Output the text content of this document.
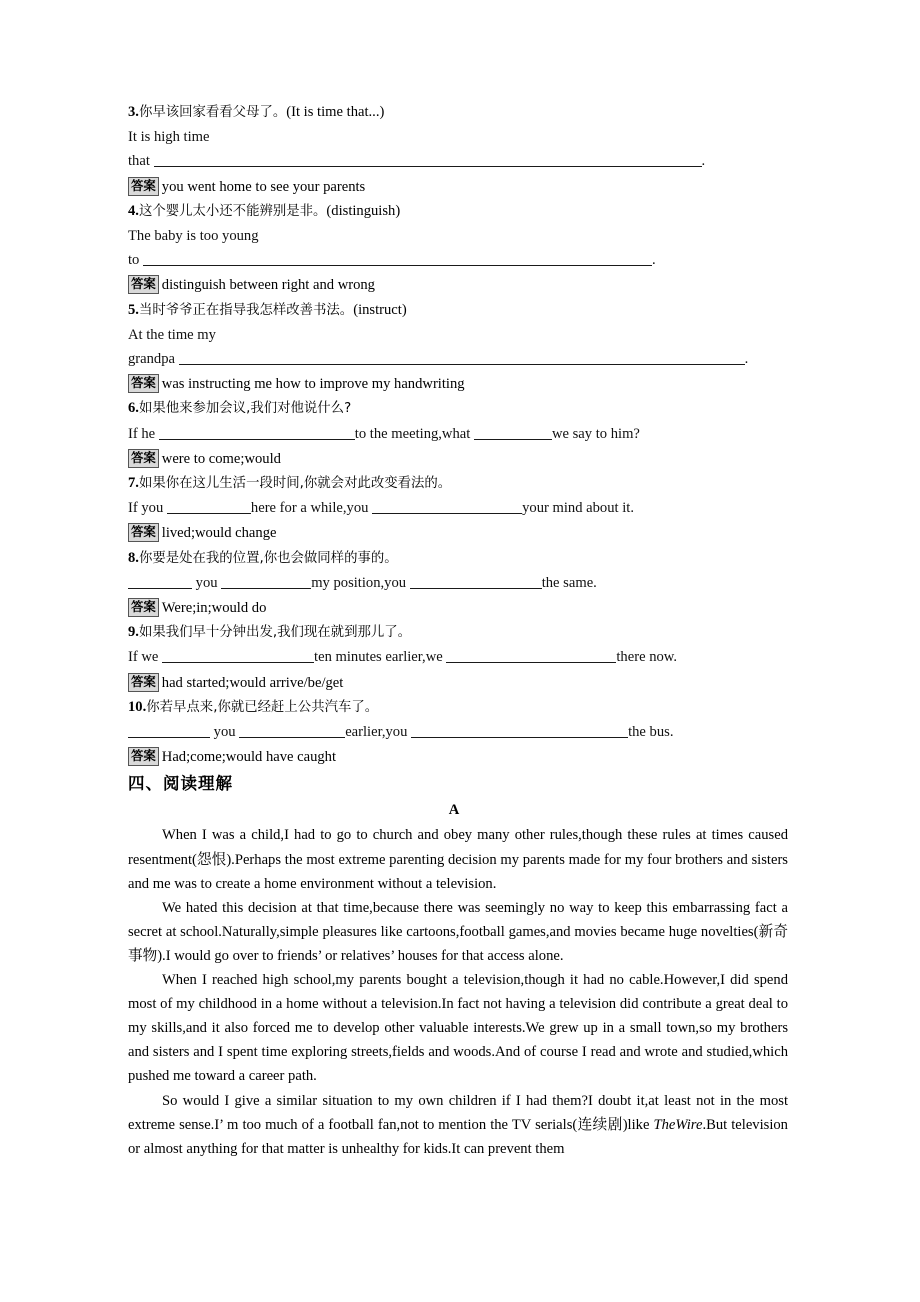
3.你早该回家看看父母了。(It is time that...)
It is high time
that	.
答案 you went home to see your parents
4.这个婴儿太小还不能辨别是非。(distinguish)
The baby is too young
to	.
答案 distinguish between right and wrong
5.当时爷爷正在指导我怎样改善书法。(instruct)
At the time my
grandpa	.
答案 was instructing me how to improve my handwriting
6.如果他来参加会议,我们对他说什么?
If he	to the meeting,what	we say to him?
答案 were to come;would
7.如果你在这儿生活一段时间,你就会对此改变看法的。
If you	here for a while,you	your mind about it.
答案 lived;would change
8.你要是处在我的位置,你也会做同样的事的。
you	my position,you	the same.
答案 Were;in;would do
9.如果我们早十分钟出发,我们现在就到那儿了。
If we	ten minutes earlier,we	there now.
答案 had started;would arrive/be/get
10.你若早点来,你就已经赶上公共汽车了。
you	earlier,you	the bus.
答案 Had;come;would have caught
四、阅读理解
A

When I was a child,I had to go to church and obey many other rules,though these rules at times caused resentment(怨恨).Perhaps the most extreme parenting decision my parents made for my four brothers and sisters and me was to create a home environment without a television.

We hated this decision at that time,because there was seemingly no way to keep this embarrassing fact a secret at school.Naturally,simple pleasures like cartoons,football games,and movies became huge novelties(新奇事物).I would go over to friends’ or relatives’ houses for that access alone.

When I reached high school,my parents bought a television,though it had no cable.However,I did spend most of my childhood in a home without a television.In fact not having a television did contribute a great deal to my skills,and it also forced me to develop other valuable interests.We grew up in a small town,so my brothers and sisters and I spent time exploring streets,fields and woods.And of course I read and wrote and studied,which pushed me toward a career path.

So would I give a similar situation to my own children if I had them?I doubt it,at least not in the most extreme sense.I’ m too much of a football fan,not to mention the TV serials(连续剧)like TheWire.But television or almost anything for that matter is unhealthy for kids.It can prevent them
